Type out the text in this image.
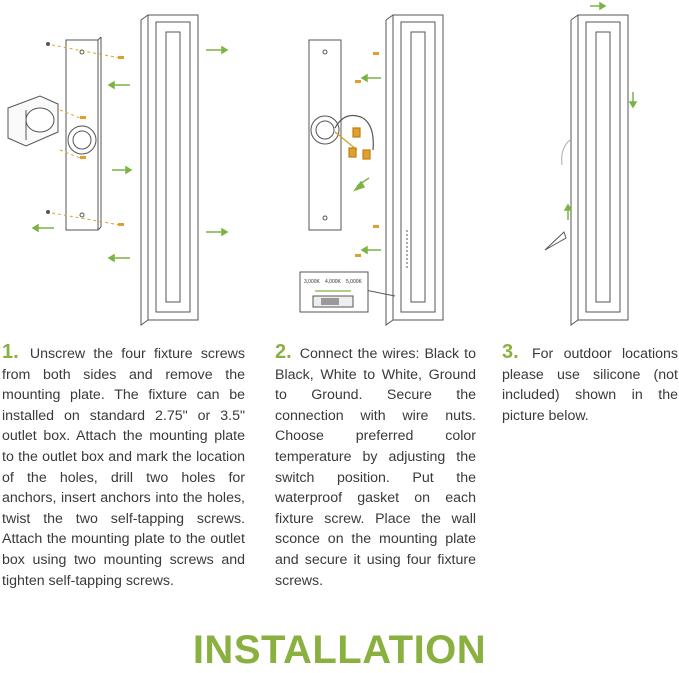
3,000K 4,000K 5,000K
1. Unscrew the four fixture screws from both sides and remove the mounting plate. The fixture can be installed on standard 2.75" or 3.5" outlet box. Attach the mounting plate to the outlet box and mark the location of the holes, drill two holes for anchors, insert anchors into the holes, twist the two self-tapping screws. Attach the mounting plate to the outlet box using two mounting screws and tighten self-tapping screws.
2. Connect the wires: Black to Black, White to White, Ground to Ground. Secure the connection with wire nuts. Choose preferred color temperature by adjusting the switch position. Put the waterproof gasket on each fixture screw. Place the wall sconce on the mounting plate and secure it using four fixture screws.
3. For outdoor locations please use silicone (not included) shown in the picture below.
INSTALLATION
